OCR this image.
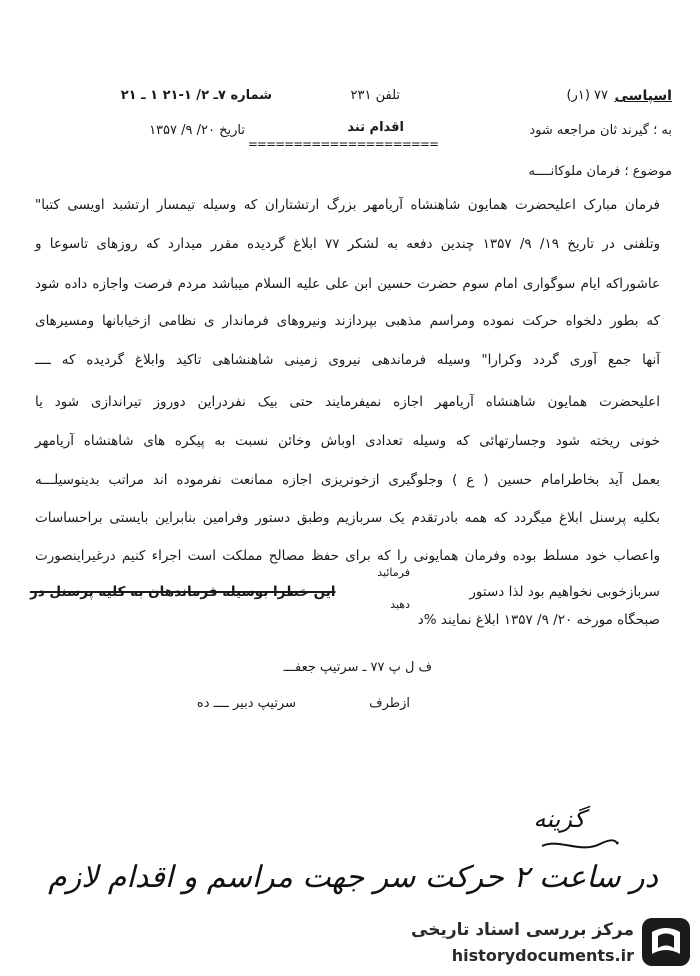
اسپاسی
۷۷ (۱ر)
تلفن ۲۳۱
شماره ۷ـ ۲/ ۱-۲۱ ۱ ـ ۲۱
به ؛ گیرند ثان مراجعه شود
اقدام تند
=====================
تاریخ ۲۰/ ۹/ ۱۳۵۷
موضوع ؛ فرمان ملوکانــــه
فرمان مبارک اعلیحضرت همایون شاهنشاه آریامهر بزرگ ارتشتاران که وسیله تیمسار ارتشبد اویسی کتبا"
وتلفنی در تاریخ ۱۹/ ۹/ ۱۳۵۷ چندین دفعه به لشکر ۷۷ ابلاغ گردیده مقرر میدارد که روزهای تاسوعا و
عاشوراکه ایام سوگواری امام سوم حضرت حسین ابن علی علیه السلام میباشد مردم فرصت واجازه داده شود
که بطور دلخواه حرکت نموده ومراسم مذهبی بپردازند ونیروهای فرماندار ی نظامی ازخیابانها ومسیرهای
آنها جمع آوری گردد وکرارا" وسیله فرماندهی نیروی زمینی شاهنشاهی تاکید وابلاغ گردیده که ــــ
اعلیحضرت همایون شاهنشاه آریامهر اجازه نمیفرمایند حتی بیک نفردراین دوروز تیراندازی شود یا
خونی ریخته شود وجسارتهائی که وسیله تعدادی اوباش وخائن نسبت به پیکره های شاهنشاه آریامهر
بعمل آید بخاطرامام حسین ( ع ) وجلوگیری ازخونریزی اجازه ممانعت نفرموده اند مراتب بدینوسیلـــه
بکلیه پرسنل ابلاغ میگردد که همه بادرتقدم یک سربازیم وطبق دستور وفرامین بنابراین بایستی براحساسات
واعصاب خود مسلط بوده وفرمان همایونی را که برای حفظ مصالح مملکت است اجراء کنیم درغیراینصورت
سربازخوبی نخواهیم بود لذا دستور
فرمائید
این خطرا بوسیله فرماندهان به کلیه پرسنل در
صبحگاه مورخه ۲۰/ ۹/ ۱۳۵۷ ابلاغ نمایند %د
دهید
ف ل پ ۷۷ ـ سرتیپ جعفـــ
ازطرف
سرتیپ دبیر ــــ ده
گزینه
در ساعت ۲ حرکت سر جهت مراسم و اقدام لازم
مرکز بررسی اسناد تاریخی
historydocuments.ir
